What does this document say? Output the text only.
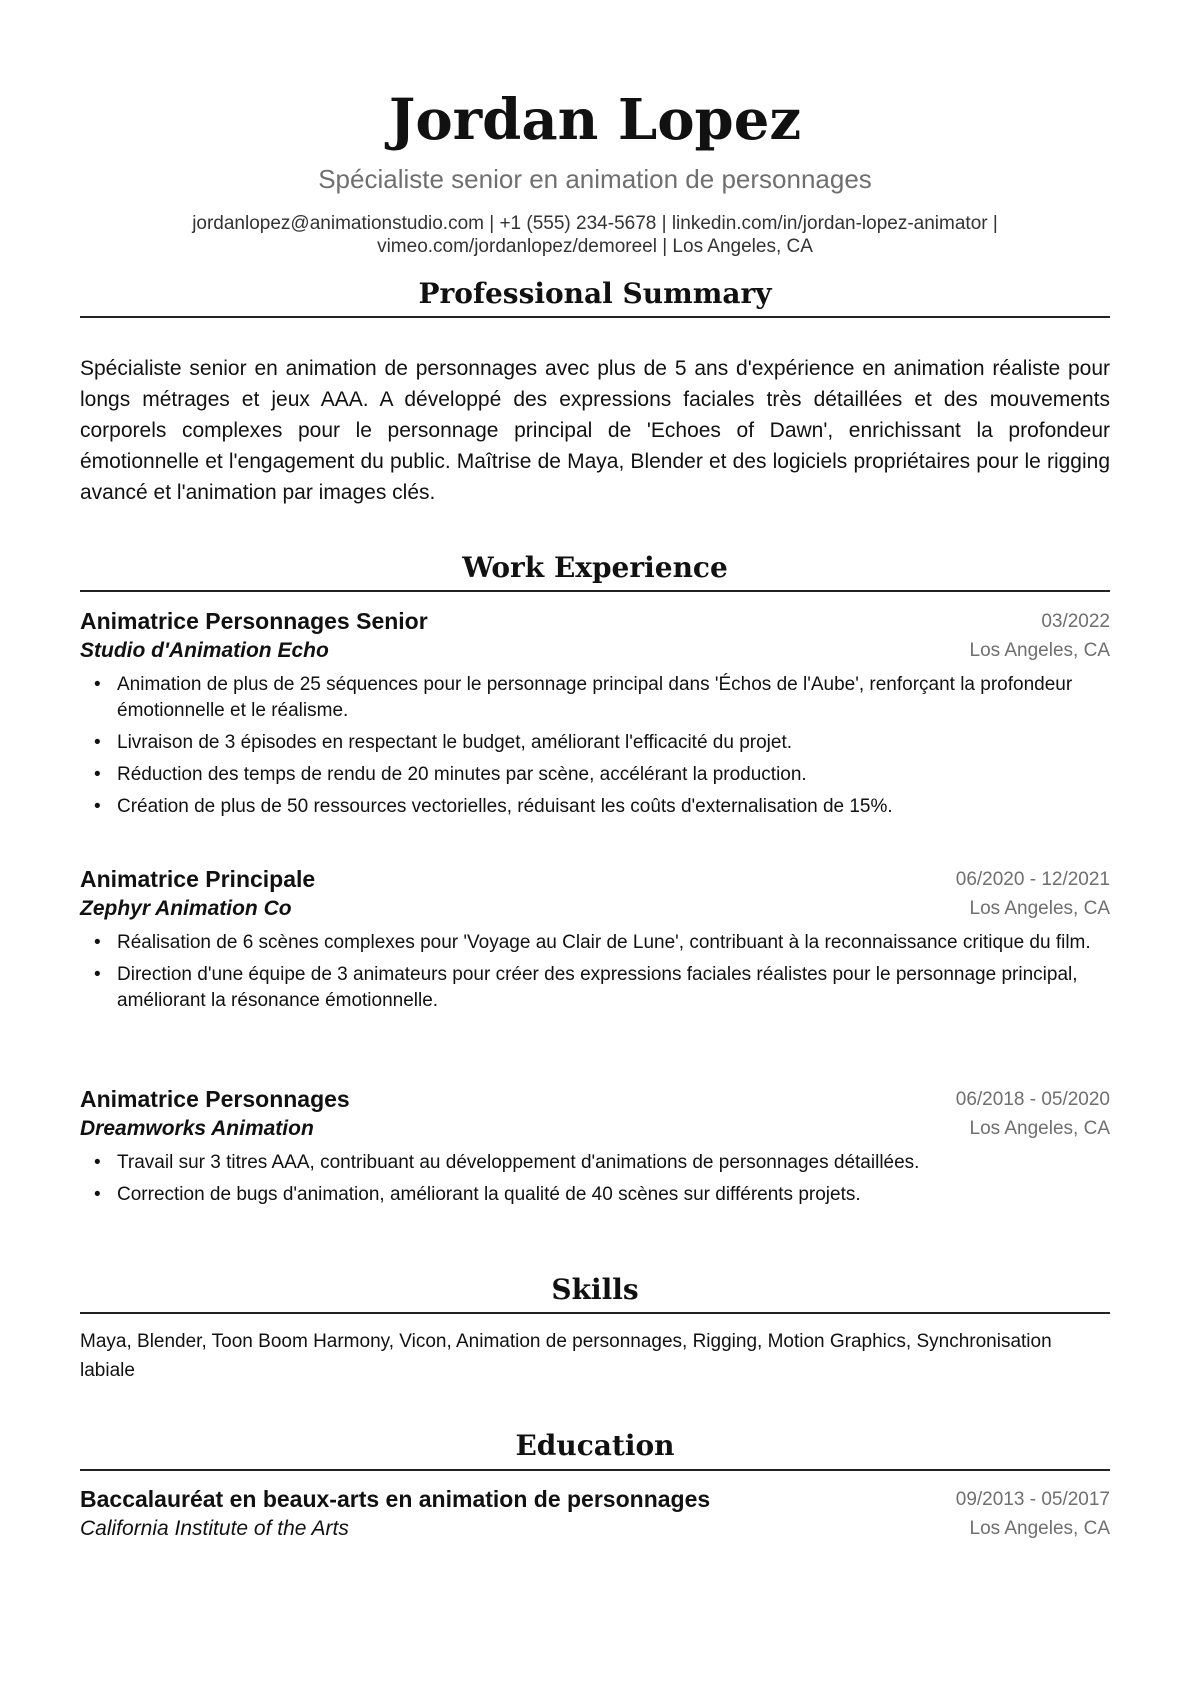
Jordan Lopez
Spécialiste senior en animation de personnages
jordanlopez@animationstudio.com | +1 (555) 234-5678 | linkedin.com/in/jordan-lopez-animator |
vimeo.com/jordanlopez/demoreel | Los Angeles, CA
Professional Summary

Spécialiste senior en animation de personnages avec plus de 5 ans d'expérience en animation réaliste pour longs métrages et jeux AAA. A développé des expressions faciales très détaillées et des mouvements corporels complexes pour le personnage principal de 'Echoes of Dawn', enrichissant la profondeur émotionnelle et l'engagement du public. Maîtrise de Maya, Blender et des logiciels propriétaires pour le rigging avancé et l'animation par images clés.

Work Experience
Animatrice Personnages Senior	03/2022
Studio d'Animation Echo	Los Angeles, CA
• Animation de plus de 25 séquences pour le personnage principal dans 'Échos de l'Aube', renforçant la profondeur émotionnelle et le réalisme.
• Livraison de 3 épisodes en respectant le budget, améliorant l'efficacité du projet.
• Réduction des temps de rendu de 20 minutes par scène, accélérant la production.
• Création de plus de 50 ressources vectorielles, réduisant les coûts d'externalisation de 15%.
Animatrice Principale	06/2020 - 12/2021
Zephyr Animation Co	Los Angeles, CA
• Réalisation de 6 scènes complexes pour 'Voyage au Clair de Lune', contribuant à la reconnaissance critique du film.
• Direction d'une équipe de 3 animateurs pour créer des expressions faciales réalistes pour le personnage principal, améliorant la résonance émotionnelle.
Animatrice Personnages	06/2018 - 05/2020
Dreamworks Animation	Los Angeles, CA
• Travail sur 3 titres AAA, contribuant au développement d'animations de personnages détaillées.
• Correction de bugs d'animation, améliorant la qualité de 40 scènes sur différents projets.
Skills
Maya, Blender, Toon Boom Harmony, Vicon, Animation de personnages, Rigging, Motion Graphics, Synchronisation labiale
Education
Baccalauréat en beaux-arts en animation de personnages	09/2013 - 05/2017
California Institute of the Arts	Los Angeles, CA
